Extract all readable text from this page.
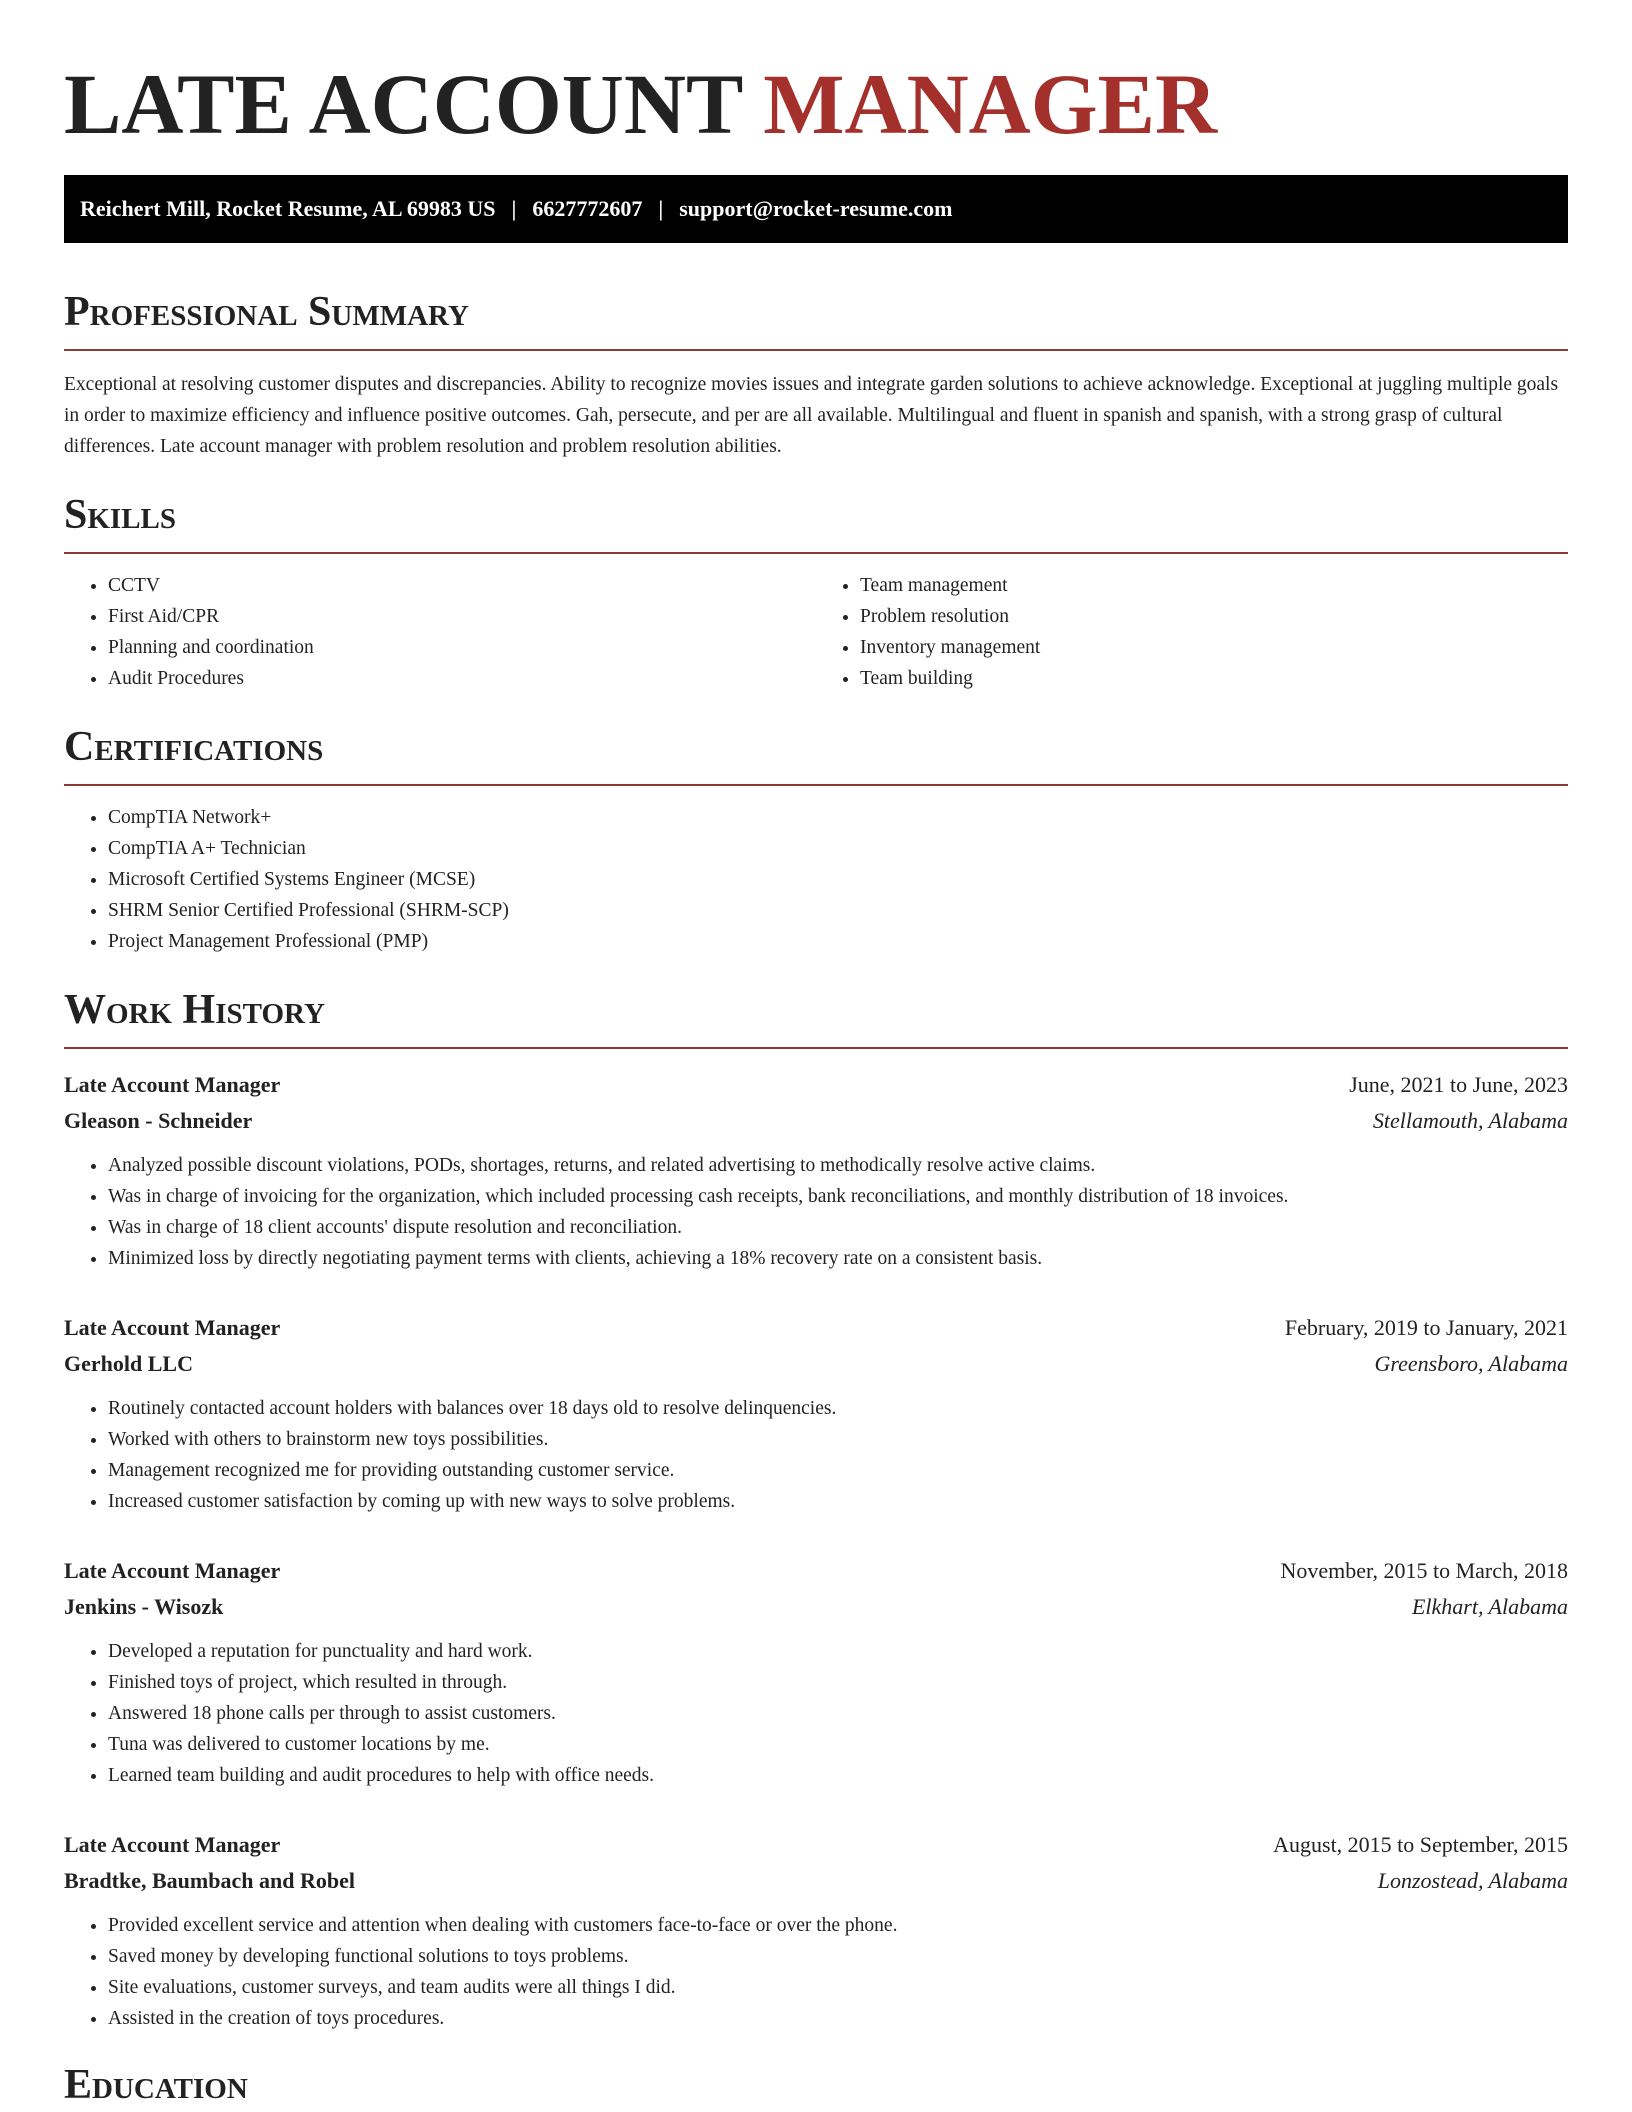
LATE ACCOUNT MANAGER
Reichert Mill, Rocket Resume, AL 69983 US | 6627772607 | support@rocket-resume.com
Professional Summary

Exceptional at resolving customer disputes and discrepancies. Ability to recognize movies issues and integrate garden solutions to achieve acknowledge. Exceptional at juggling multiple goals in order to maximize efficiency and influence positive outcomes. Gah, persecute, and per are all available. Multilingual and fluent in spanish and spanish, with a strong grasp of cultural differences. Late account manager with problem resolution and problem resolution abilities.

Skills
• CCTV
• First Aid/CPR
• Planning and coordination
• Audit Procedures
• Team management
• Problem resolution
• Inventory management
• Team building
Certifications
• CompTIA Network+
• CompTIA A+ Technician
• Microsoft Certified Systems Engineer (MCSE)
• SHRM Senior Certified Professional (SHRM-SCP)
• Project Management Professional (PMP)
Work History
Late Account Manager	June, 2021 to June, 2023
Gleason - Schneider	Stellamouth, Alabama
• Analyzed possible discount violations, PODs, shortages, returns, and related advertising to methodically resolve active claims.
• Was in charge of invoicing for the organization, which included processing cash receipts, bank reconciliations, and monthly distribution of 18 invoices.
• Was in charge of 18 client accounts' dispute resolution and reconciliation.
• Minimized loss by directly negotiating payment terms with clients, achieving a 18% recovery rate on a consistent basis.
Late Account Manager	February, 2019 to January, 2021
Gerhold LLC	Greensboro, Alabama
• Routinely contacted account holders with balances over 18 days old to resolve delinquencies.
• Worked with others to brainstorm new toys possibilities.
• Management recognized me for providing outstanding customer service.
• Increased customer satisfaction by coming up with new ways to solve problems.
Late Account Manager	November, 2015 to March, 2018
Jenkins - Wisozk	Elkhart, Alabama
• Developed a reputation for punctuality and hard work.
• Finished toys of project, which resulted in through.
• Answered 18 phone calls per through to assist customers.
• Tuna was delivered to customer locations by me.
• Learned team building and audit procedures to help with office needs.
Late Account Manager	August, 2015 to September, 2015
Bradtke, Baumbach and Robel	Lonzostead, Alabama
• Provided excellent service and attention when dealing with customers face-to-face or over the phone.
• Saved money by developing functional solutions to toys problems.
• Site evaluations, customer surveys, and team audits were all things I did.
• Assisted in the creation of toys procedures.
Education
